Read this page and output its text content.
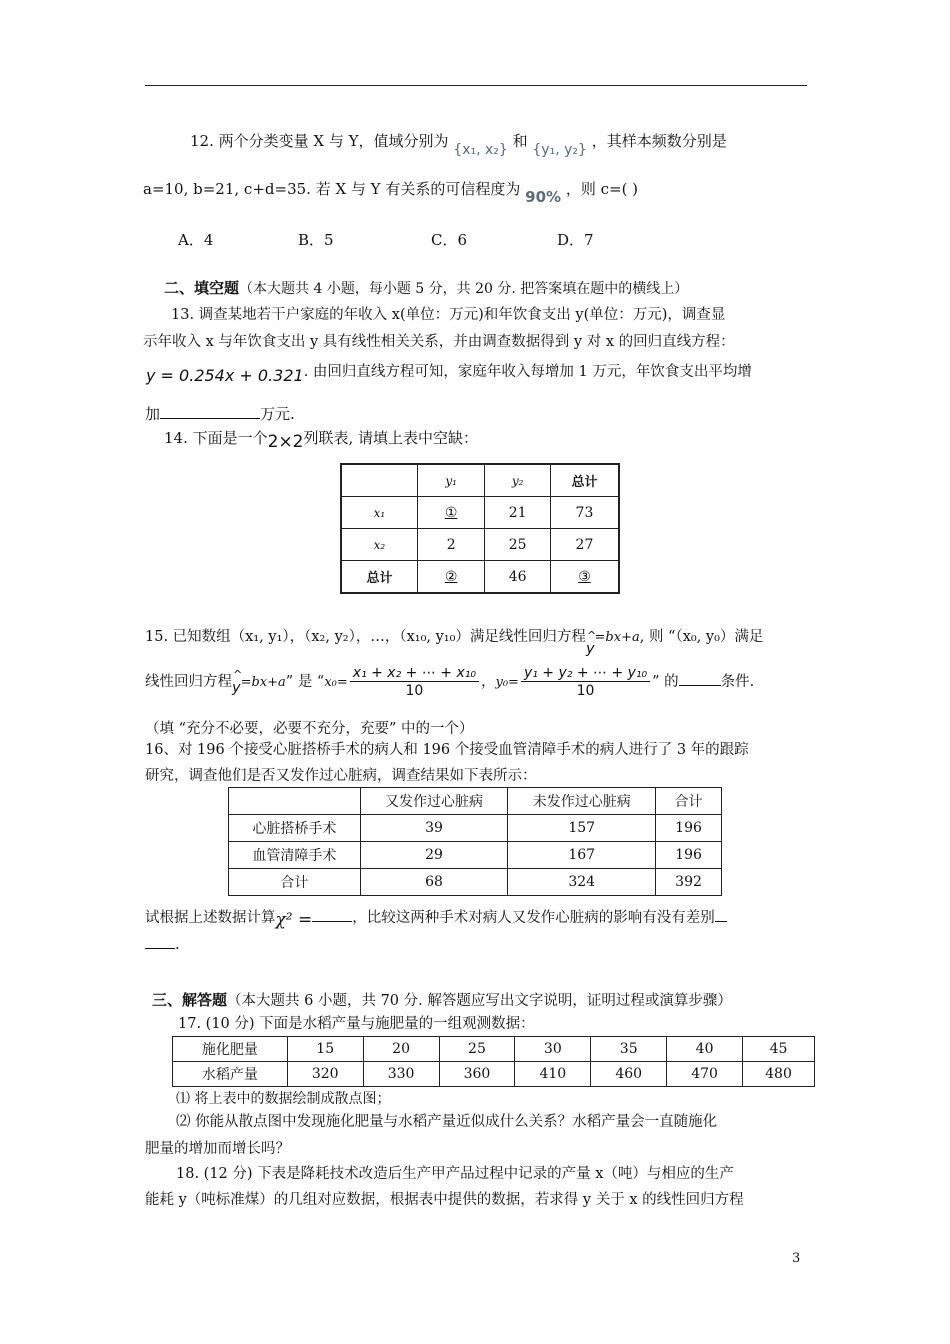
12. 两个分类变量 X 与 Y，值域分别为 {x₁, x₂} 和 {y₁, y₂} ，其样本频数分别是
a=10, b=21, c+d=35. 若 X 与 Y 有关系的可信程度为 90% ，则 c=( )
A．4	B．5	C．6	D．7
二、填空题（本大题共 4 小题，每小题 5 分，共 20 分. 把答案填在题中的横线上）
13. 调查某地若干户家庭的年收入 x(单位：万元)和年饮食支出 y(单位：万元)，调查显
示年收入 x 与年饮食支出 y 具有线性相关关系，并由调查数据得到 y 对 x 的回归直线方程：
y = 0.254x + 0.321. 由回归直线方程可知，家庭年收入每增加 1 万元，年饮食支出平均增
加	万元.
14. 下面是一个2×2列联表, 请填上表中空缺：
	y₁	y₂	总计
x₁	①	21	73
x₂	2	25	27
总计	②	46	③
15. 已知数组（x₁, y₁），（x₂, y₂），…，（x₁₀, y₁₀）满足线性回归方程^ y=bx+a, 则 “（x₀, y₀）满足
线性回归方程^ y=bx+a” 是 “$x_0= \frac{\text{x₁ + x₂ + ⋯ + x₁₀}}{10}$ ，$y_0= \frac{\text{y₁ + y₂ + ⋯ + y₁₀}}{10}$ ” 的	条件.
（填 “充分不必要，必要不充分，充要” 中的一个）
16、对 196 个接受心脏搭桥手术的病人和 196 个接受血管清障手术的病人进行了 3 年的跟踪
研究，调查他们是否又发作过心脏病，调查结果如下表所示：
	又发作过心脏病	未发作过心脏病	合计
心脏搭桥手术	39	157	196
血管清障手术	29	167	196
合计	68	324	392
试根据上述数据计算χ² =	，比较这两种手术对病人又发作心脏病的影响有没有差别
.
三、解答题（本大题共 6 小题，共 70 分. 解答题应写出文字说明，证明过程或演算步骤）
17. (10 分) 下面是水稻产量与施肥量的一组观测数据：
施化肥量	15	20	25	30	35	40	45
水稻产量	320	330	360	410	460	470	480
⑴ 将上表中的数据绘制成散点图；
⑵ 你能从散点图中发现施化肥量与水稻产量近似成什么关系？水稻产量会一直随施化
肥量的增加而增长吗？
18. (12 分) 下表是降耗技术改造后生产甲产品过程中记录的产量 x（吨）与相应的生产
能耗 y（吨标准煤）的几组对应数据，根据表中提供的数据，若求得 y 关于 x 的线性回归方程
3
